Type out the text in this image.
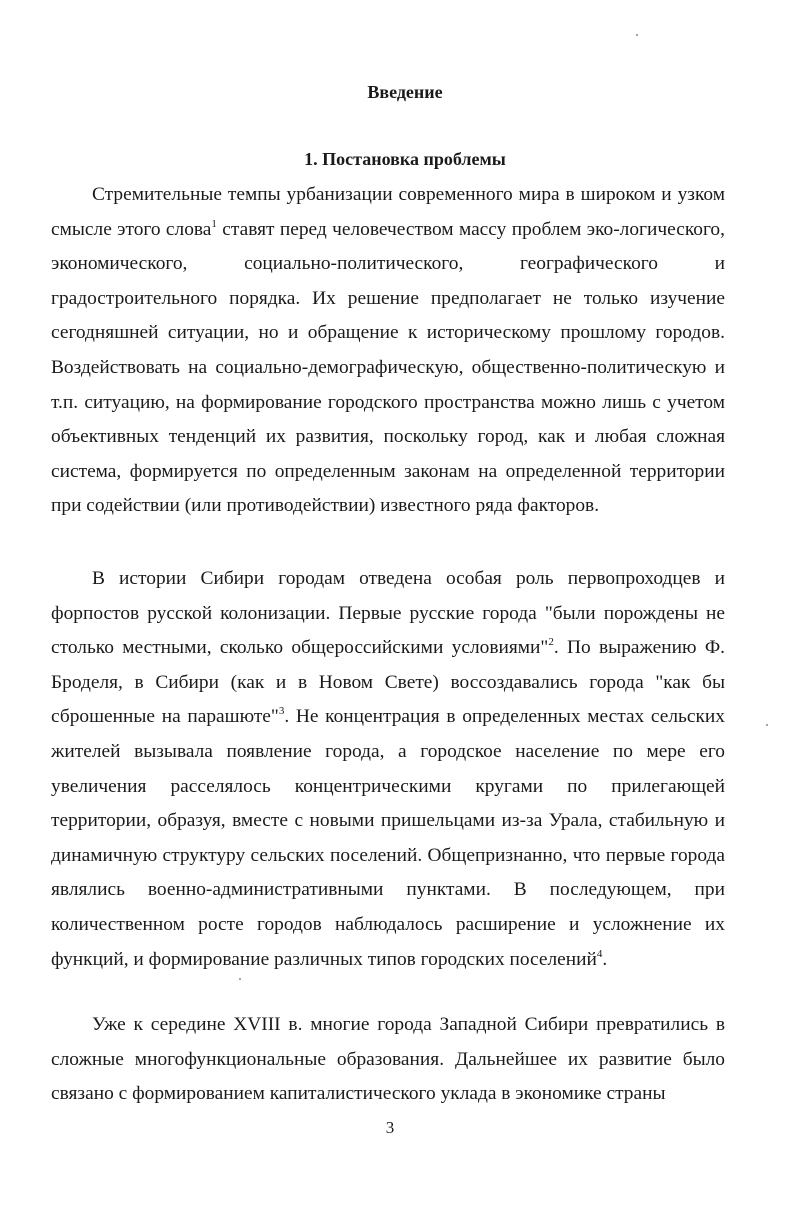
Введение
1. Постановка проблемы

Стремительные темпы урбанизации современного мира в широком и узком смысле этого слова$^1$ ставят перед человечеством массу проблем эко-логического, экономического, социально-политического, географического и градостроительного порядка. Их решение предполагает не только изучение сегодняшней ситуации, но и обращение к историческому прошлому городов. Воздействовать на социально-демографическую, общественно-политическую и т.п. ситуацию, на формирование городского пространства можно лишь с учетом объективных тенденций их развития, поскольку город, как и любая сложная система, формируется по определенным законам на определенной территории при содействии (или противодействии) известного ряда факторов.

В истории Сибири городам отведена особая роль первопроходцев и форпостов русской колонизации. Первые русские города "были порождены не столько местными, сколько общероссийскими условиями"$^2$. По выражению Ф. Броделя, в Сибири (как и в Новом Свете) воссоздавались города "как бы сброшенные на парашюте"$^3$. Не концентрация в определенных местах сельских жителей вызывала появление города, а городское население по мере его увеличения расселялось концентрическими кругами по прилегающей территории, образуя, вместе с новыми пришельцами из-за Урала, стабильную и динамичную структуру сельских поселений. Общепризнанно, что первые города являлись военно-административными пунктами. В последующем, при количественном росте городов наблюдалось расширение и усложнение их функций, и формирование различных типов городских поселений$^4$.

Уже к середине XVIII в. многие города Западной Сибири превратились в сложные многофункциональные образования. Дальнейшее их развитие было связано с формированием капиталистического уклада в экономике страны

3
